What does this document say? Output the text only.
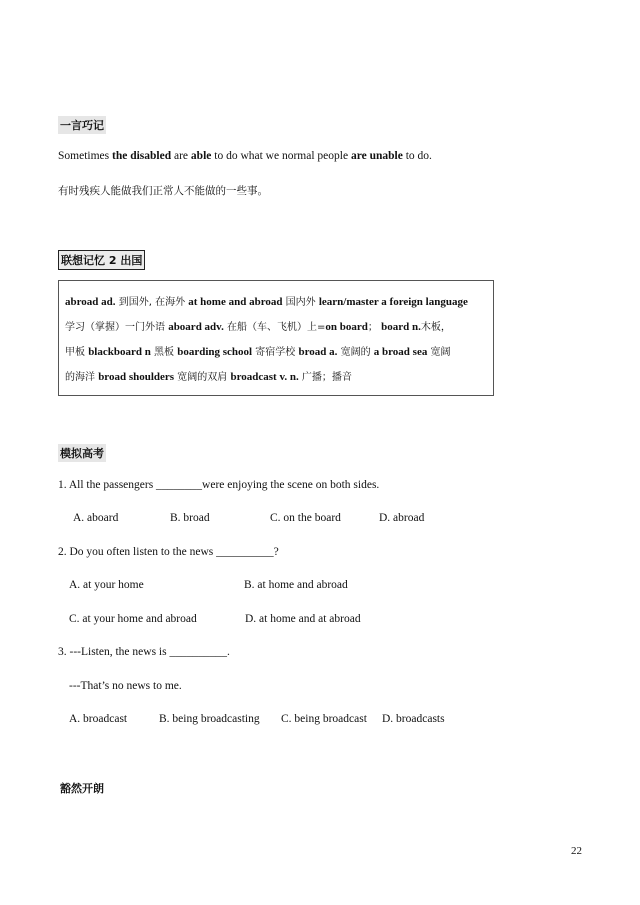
一言巧记
Sometimes the disabled are able to do what we normal people are unable to do.
有时残疾人能做我们正常人不能做的一些事。
联想记忆 2 出国
abroad ad. 到国外, 在海外 at home and abroad 国内外 learn/master a foreign language
学习（掌握）一门外语 aboard adv. 在船（车、飞机）上=on board； board n.木板，
甲板 blackboard n 黑板 boarding school 寄宿学校 broad a. 宽阔的 a broad sea 宽阔
的海洋 broad shoulders 宽阔的双肩 broadcast v. n. 广播；播音
模拟高考
1. All the passengers ________were enjoying the scene on both sides.
A. aboard	B. broad	C. on the board	D. abroad
2. Do you often listen to the news __________?
A. at your home	B. at home and abroad
C. at your home and abroad	D. at home and at abroad
3. ---Listen, the news is __________.
---That’s no news to me.
A. broadcast	B. being broadcasting C. being broadcast D. broadcasts
豁然开朗
22
